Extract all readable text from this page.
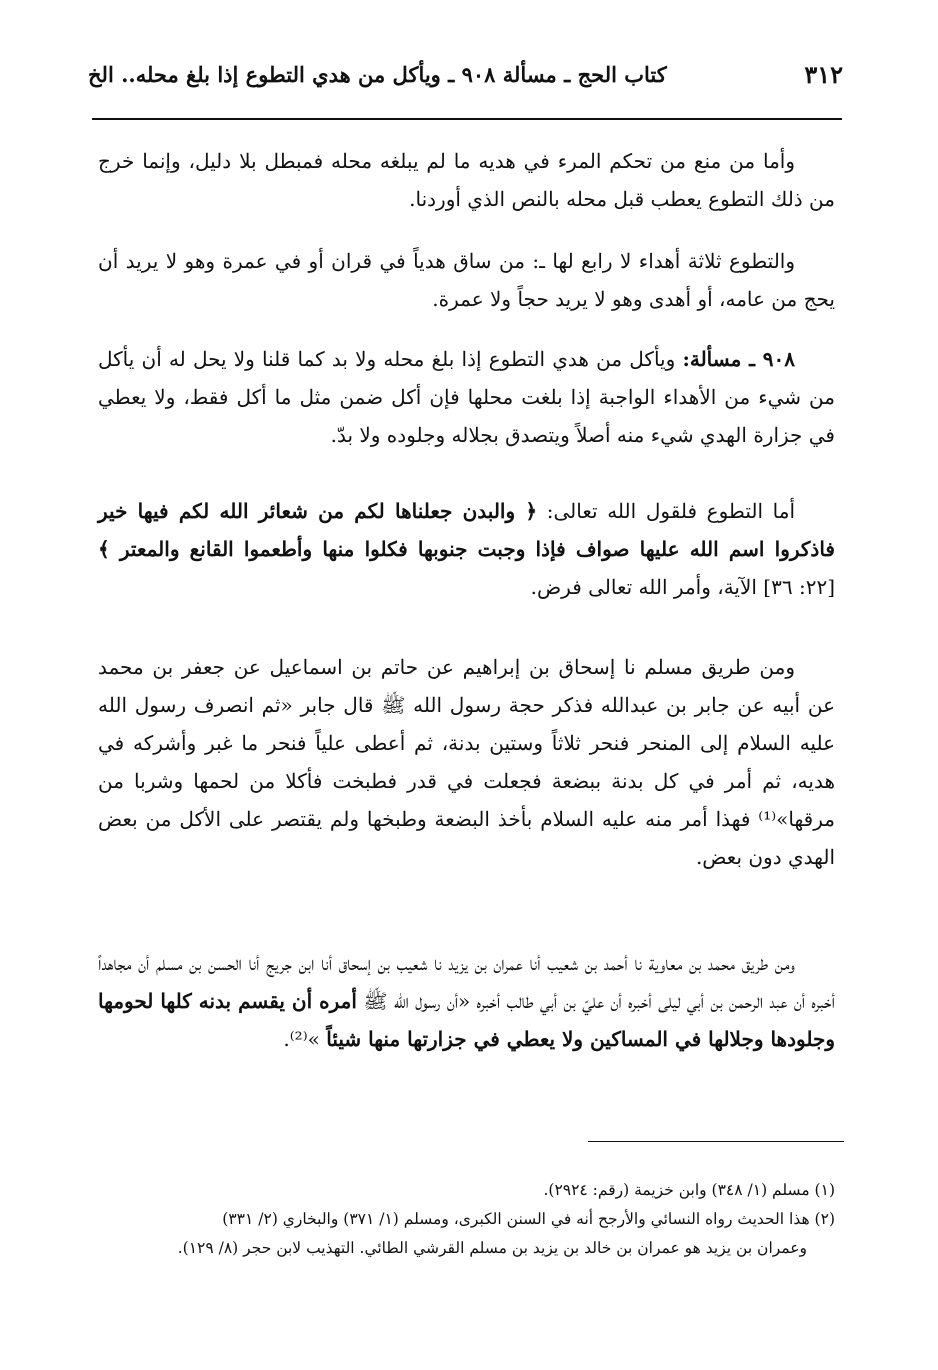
٣١٢
كتاب الحج ـ مسألة ٩٠٨ ـ ويأكل من هدي التطوع إذا بلغ محله.. الخ

وأما من منع من تحكم المرء في هديه ما لم يبلغه محله فمبطل بلا دليل، وإنما خرج من ذلك التطوع يعطب قبل محله بالنص الذي أوردنا.

والتطوع ثلاثة أهداء لا رابع لها ـ: من ساق هدياً في قران أو في عمرة وهو لا يريد أن يحج من عامه، أو أهدى وهو لا يريد حجاً ولا عمرة.

٩٠٨ ـ مسألة: ويأكل من هدي التطوع إذا بلغ محله ولا بد كما قلنا ولا يحل له أن يأكل من شيء من الأهداء الواجبة إذا بلغت محلها فإن أكل ضمن مثل ما أكل فقط، ولا يعطي في جزارة الهدي شيء منه أصلاً ويتصدق بجلاله وجلوده ولا بدّ.

أما التطوع فلقول الله تعالى: ﴿ والبدن جعلناها لكم من شعائر الله لكم فيها خير فاذكروا اسم الله عليها صواف فإذا وجبت جنوبها فكلوا منها وأطعموا القانع والمعتر ﴾ [٢٢: ٣٦] الآية، وأمر الله تعالى فرض.

ومن طريق مسلم نا إسحاق بن إبراهيم عن حاتم بن اسماعيل عن جعفر بن محمد عن أبيه عن جابر بن عبدالله فذكر حجة رسول الله ﷺ قال جابر «ثم انصرف رسول الله عليه السلام إلى المنحر فنحر ثلاثاً وستين بدنة، ثم أعطى علياً فنحر ما غبر وأشركه في هديه، ثم أمر في كل بدنة ببضعة فجعلت في قدر فطبخت فأكلا من لحمها وشربا من مرقها»⁽¹⁾ فهذا أمر منه عليه السلام بأخذ البضعة وطبخها ولم يقتصر على الأكل من بعض الهدي دون بعض.

ومن طريق محمد بن معاوية نا أحمد بن شعيب أنا عمران بن يزيد نا شعيب بن إسحاق أنا ابن جريج أنا الحسن بن مسلم أن مجاهداً أخبره أن عبد الرحمن بن أبي ليلى أخبره أن عليّ بن أبي طالب أخبره «أن رسول الله ﷺ أمره أن يقسم بدنه كلها لحومها وجلودها وجلالها في المساكين ولا يعطي في جزارتها منها شيئاً »⁽²⁾.

(١) مسلم (١/ ٣٤٨) وابن خزيمة (رقم: ٢٩٢٤).

(٢) هذا الحديث رواه النسائي والأرجح أنه في السنن الكبرى، ومسلم (١/ ٣٧١) والبخاري (٢/ ٣٣١)

وعمران بن يزيد هو عمران بن خالد بن يزيد بن مسلم القرشي الطائي. التهذيب لابن حجر (٨/ ١٢٩).
